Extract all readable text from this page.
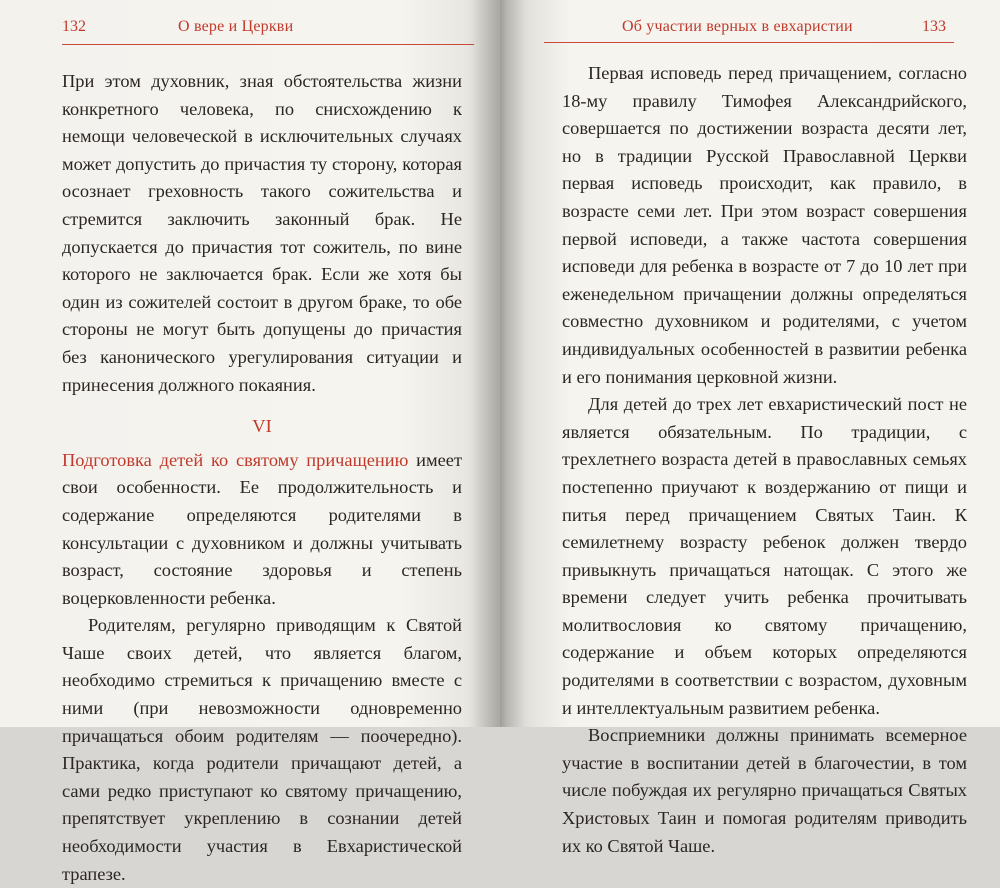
132	О вере и Церкви

При этом духовник, зная обстоятельства жизни конкретного человека, по снисхождению к немощи человеческой в исключительных случаях может допустить до причастия ту сторону, которая осознает греховность такого сожительства и стремится заключить законный брак. Не допускается до причастия тот сожитель, по вине которого не заключается брак. Если же хотя бы один из сожителей состоит в другом браке, то обе стороны не могут быть допущены до причастия без канонического урегулирования ситуации и принесения должного покаяния.

VI

Подготовка детей ко святому причащению имеет свои особенности. Ее продолжительность и содержание определяются родителями в консультации с духовником и должны учитывать возраст, состояние здоровья и степень воцерковленности ребенка.

Родителям, регулярно приводящим к Святой Чаше своих детей, что является благом, необходимо стремиться к причащению вместе с ними (при невозможности одновременно причащаться обоим родителям — поочередно). Практика, когда родители причащают детей, а сами редко приступают ко святому причащению, препятствует укреплению в сознании детей необходимости участия в Евхаристической трапезе.

Об участии верных в евхаристии	133

Первая исповедь перед причащением, согласно 18-му правилу Тимофея Александрийского, совершается по достижении возраста десяти лет, но в традиции Русской Православной Церкви первая исповедь происходит, как правило, в возрасте семи лет. При этом возраст совершения первой исповеди, а также частота совершения исповеди для ребенка в возрасте от 7 до 10 лет при еженедельном причащении должны определяться совместно духовником и родителями, с учетом индивидуальных особенностей в развитии ребенка и его понимания церковной жизни.

Для детей до трех лет евхаристический пост не является обязательным. По традиции, с трехлетнего возраста детей в православных семьях постепенно приучают к воздержанию от пищи и питья перед причащением Святых Таин. К семилетнему возрасту ребенок должен твердо привыкнуть причащаться натощак. С этого же времени следует учить ребенка прочитывать молитвословия ко святому причащению, содержание и объем которых определяются родителями в соответствии с возрастом, духовным и интеллектуальным развитием ребенка.

Восприемники должны принимать всемерное участие в воспитании детей в благочестии, в том числе побуждая их регулярно причащаться Святых Христовых Таин и помогая родителям приводить их ко Святой Чаше.
